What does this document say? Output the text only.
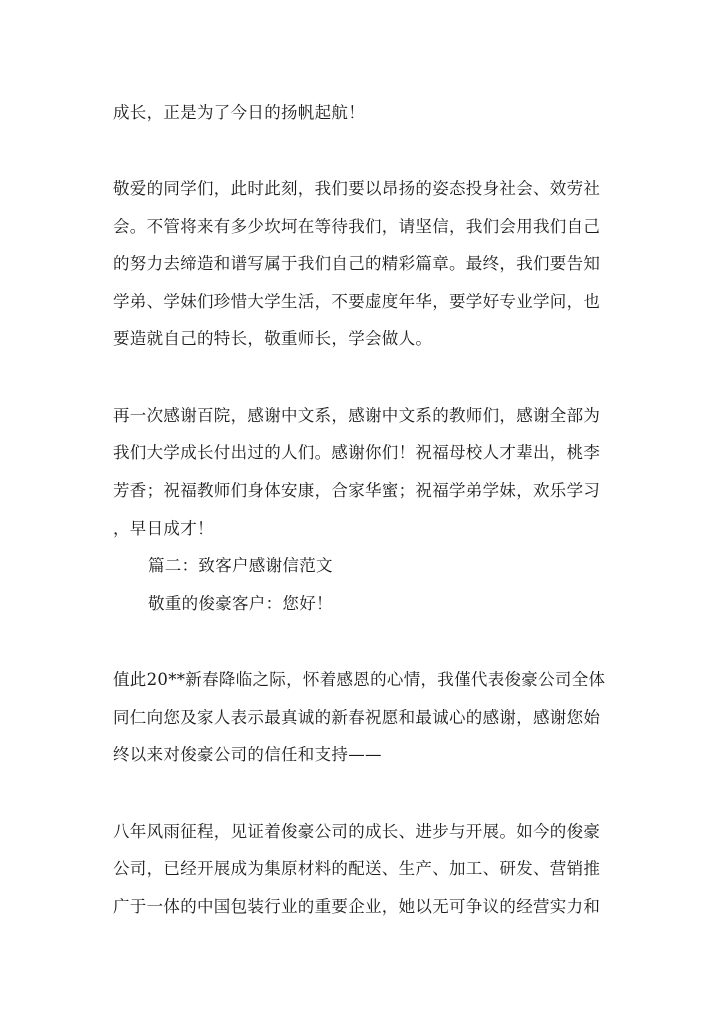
成长，正是为了今日的扬帆起航！
敬爱的同学们，此时此刻，我们要以昂扬的姿态投身社会、效劳社
会。不管将来有多少坎坷在等待我们，请坚信，我们会用我们自己
的努力去缔造和谱写属于我们自己的精彩篇章。最终，我们要告知
学弟、学妹们珍惜大学生活，不要虚度年华，要学好专业学问，也
要造就自己的特长，敬重师长，学会做人。
再一次感谢百院，感谢中文系，感谢中文系的教师们，感谢全部为
我们大学成长付出过的人们。感谢你们！祝福母校人才辈出，桃李
芳香；祝福教师们身体安康，合家华蜜；祝福学弟学妹，欢乐学习
，早日成才！
篇二：致客户感谢信范文
敬重的俊豪客户：您好！
值此20**新春降临之际，怀着感恩的心情，我僅代表俊豪公司全体
同仁向您及家人表示最真诚的新春祝愿和最诚心的感谢，感谢您始
终以来对俊豪公司的信任和支持——
八年风雨征程，见证着俊豪公司的成长、进步与开展。如今的俊豪
公司，已经开展成为集原材料的配送、生产、加工、研发、营销推
广于一体的中国包装行业的重要企业，她以无可争议的经营实力和
